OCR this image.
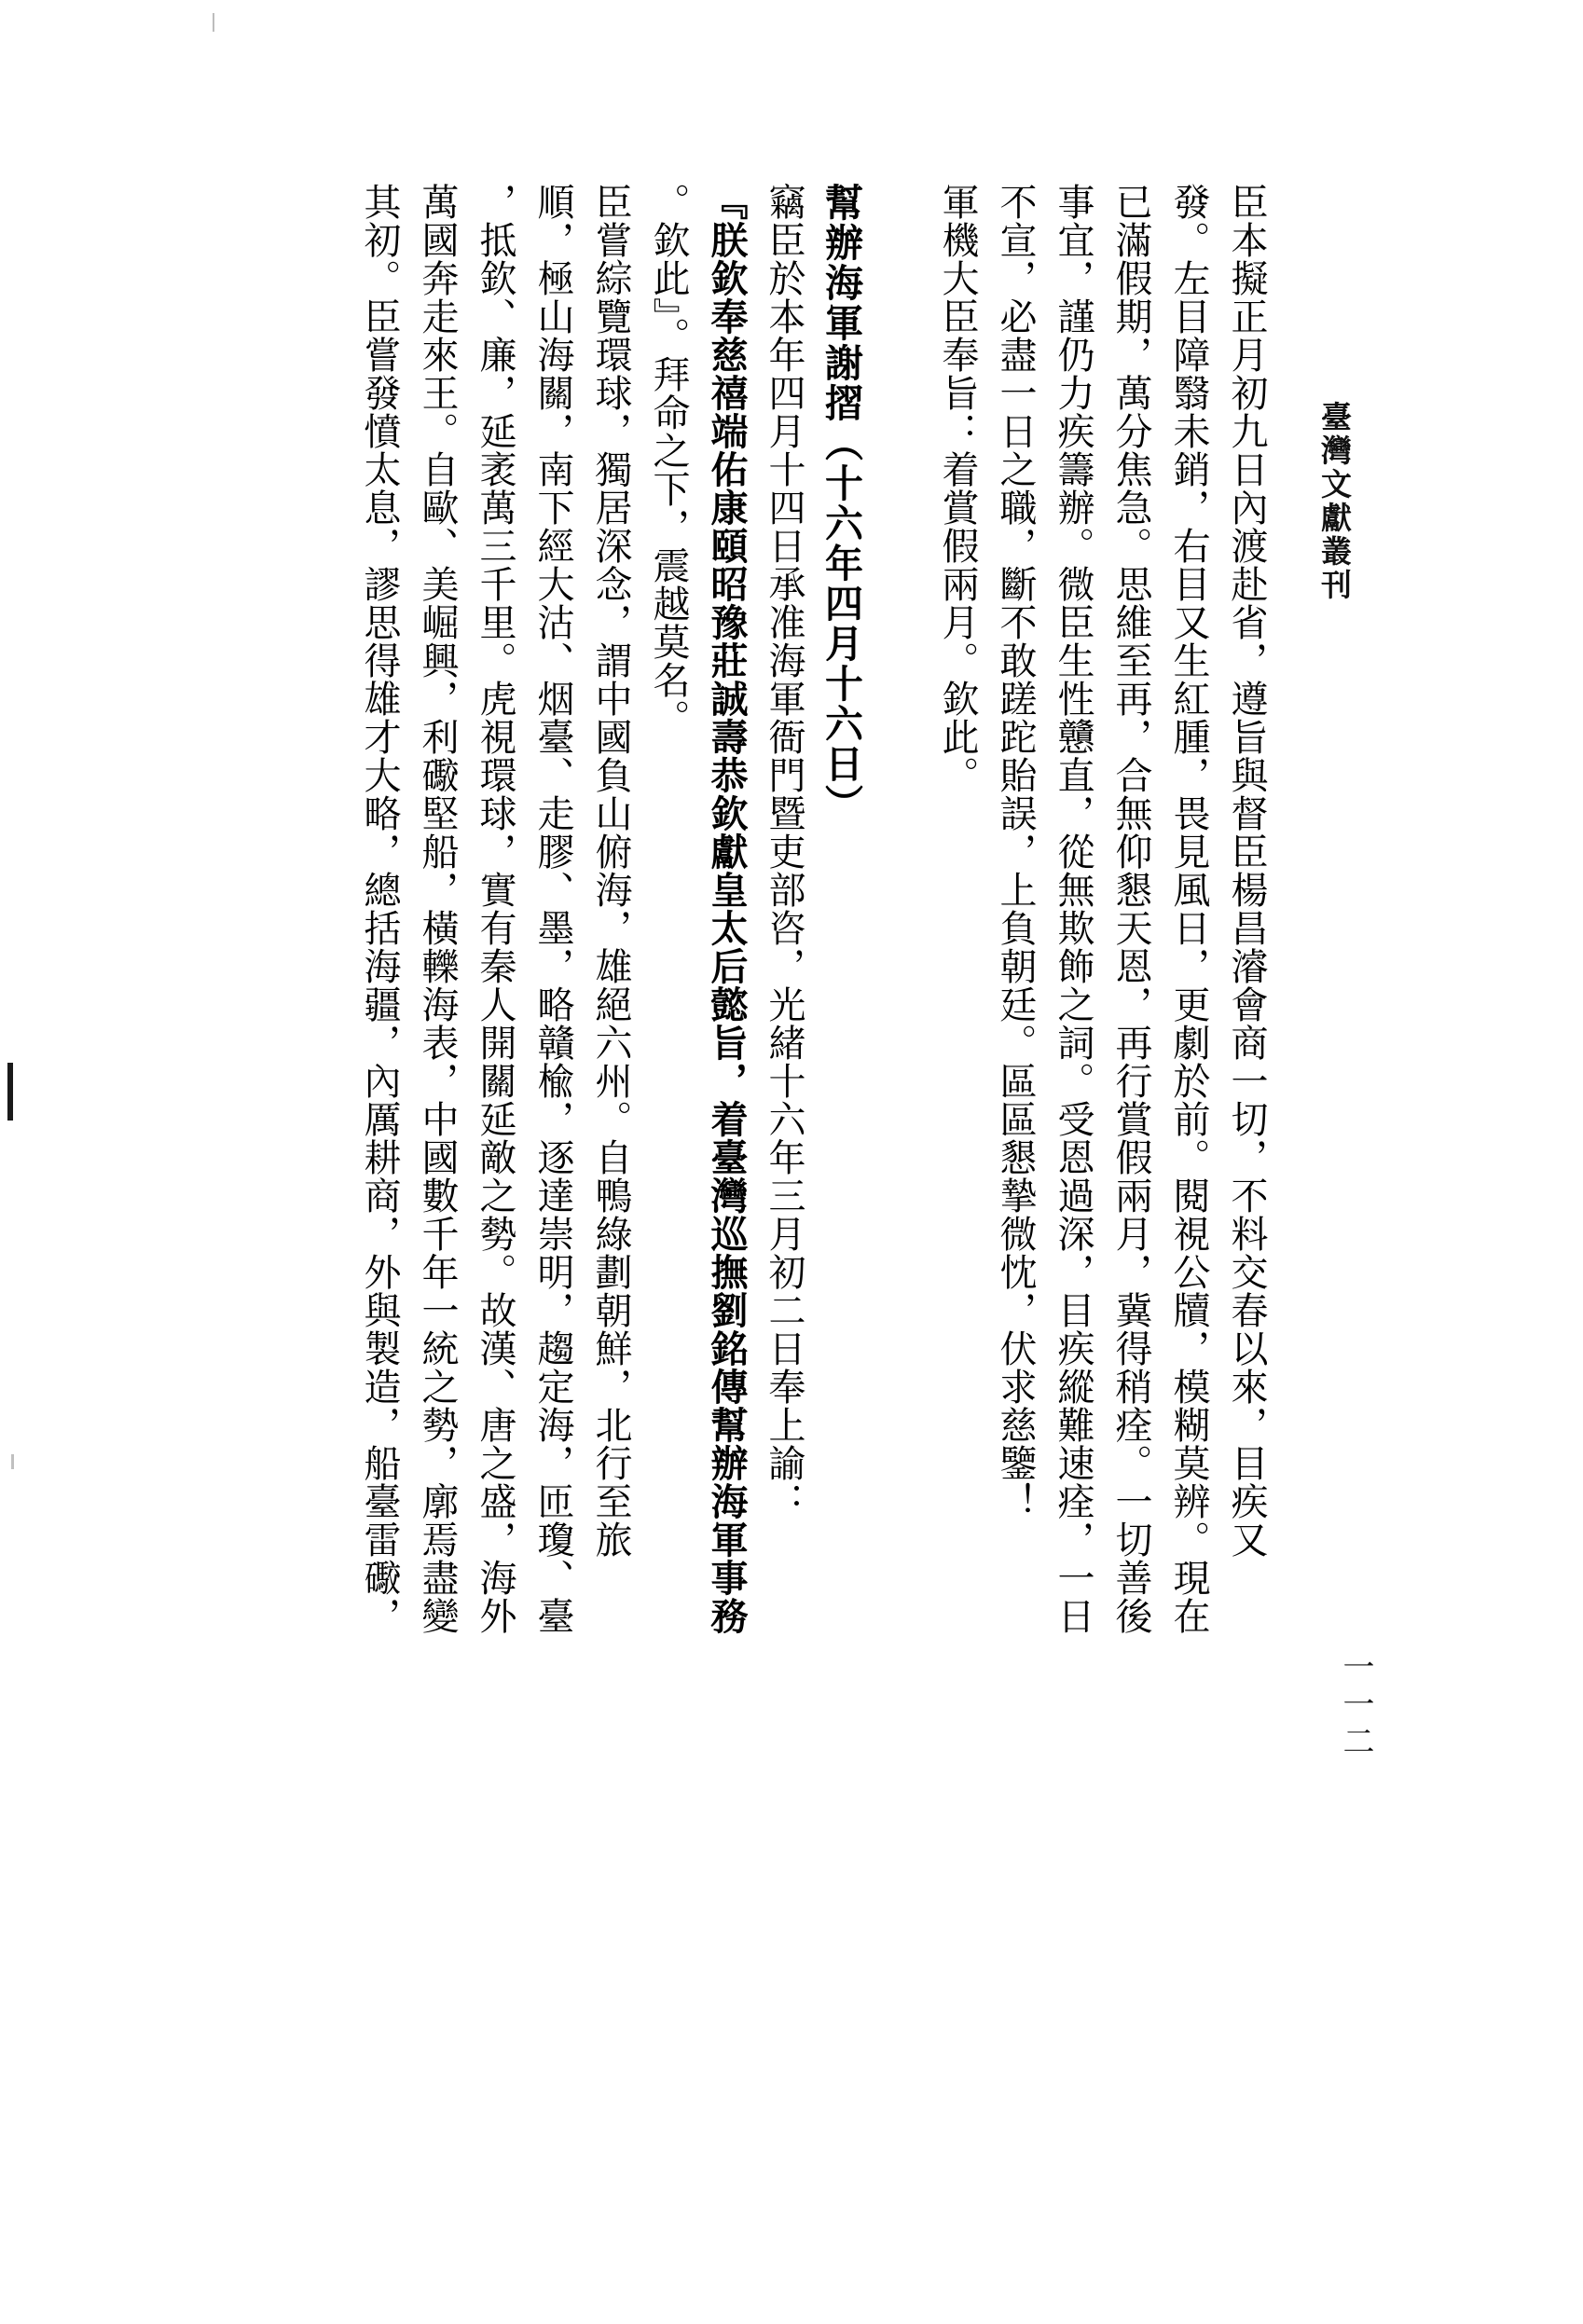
臺灣文獻叢刊
一一二
臣本擬正月初九日內渡赴省，遵旨與督臣楊昌濬會商一切，不料交春以來，目疾又
發。左目障翳未銷，右目又生紅腫，畏見風日，更劇於前。閱視公牘，模糊莫辨。現在
已滿假期，萬分焦急。思維至再，合無仰懇天恩，再行賞假兩月，冀得稍痊。一切善後
事宜，謹仍力疾籌辦。微臣生性戇直，從無欺飾之詞。受恩過深，目疾縱難速痊，一日
不宣，必盡一日之職，斷不敢蹉跎貽誤，上負朝廷。區區懇摯微忱，伏求慈鑒！
軍機大臣奉旨：着賞假兩月。欽此。
幫辦海軍謝摺（十六年四月十六日）
竊臣於本年四月十四日承准海軍衙門暨吏部咨，光緒十六年三月初二日奉上諭：
『朕欽奉慈禧端佑康頤昭豫莊誠壽恭欽獻皇太后懿旨，着臺灣巡撫劉銘傳幫辦海軍事務
。欽此』。拜命之下，震越莫名。
臣嘗綜覽環球，獨居深念，謂中國負山俯海，雄絕六州。自鴨綠劃朝鮮，北行至旅
順，極山海關，南下經大沽、烟臺、走膠、墨，略贛楡，逐達崇明，趨定海，匝瓊、臺
，抵欽、廉，延袤萬三千里。虎視環球，實有秦人開關延敵之勢。故漢、唐之盛，海外
萬國奔走來王。自歐、美崛興，利礮堅船，橫轢海表，中國數千年一統之勢，廓焉盡變
其初。臣嘗發憤太息，謬思得雄才大略，總括海疆，內厲耕商，外與製造，船臺雷礮，
